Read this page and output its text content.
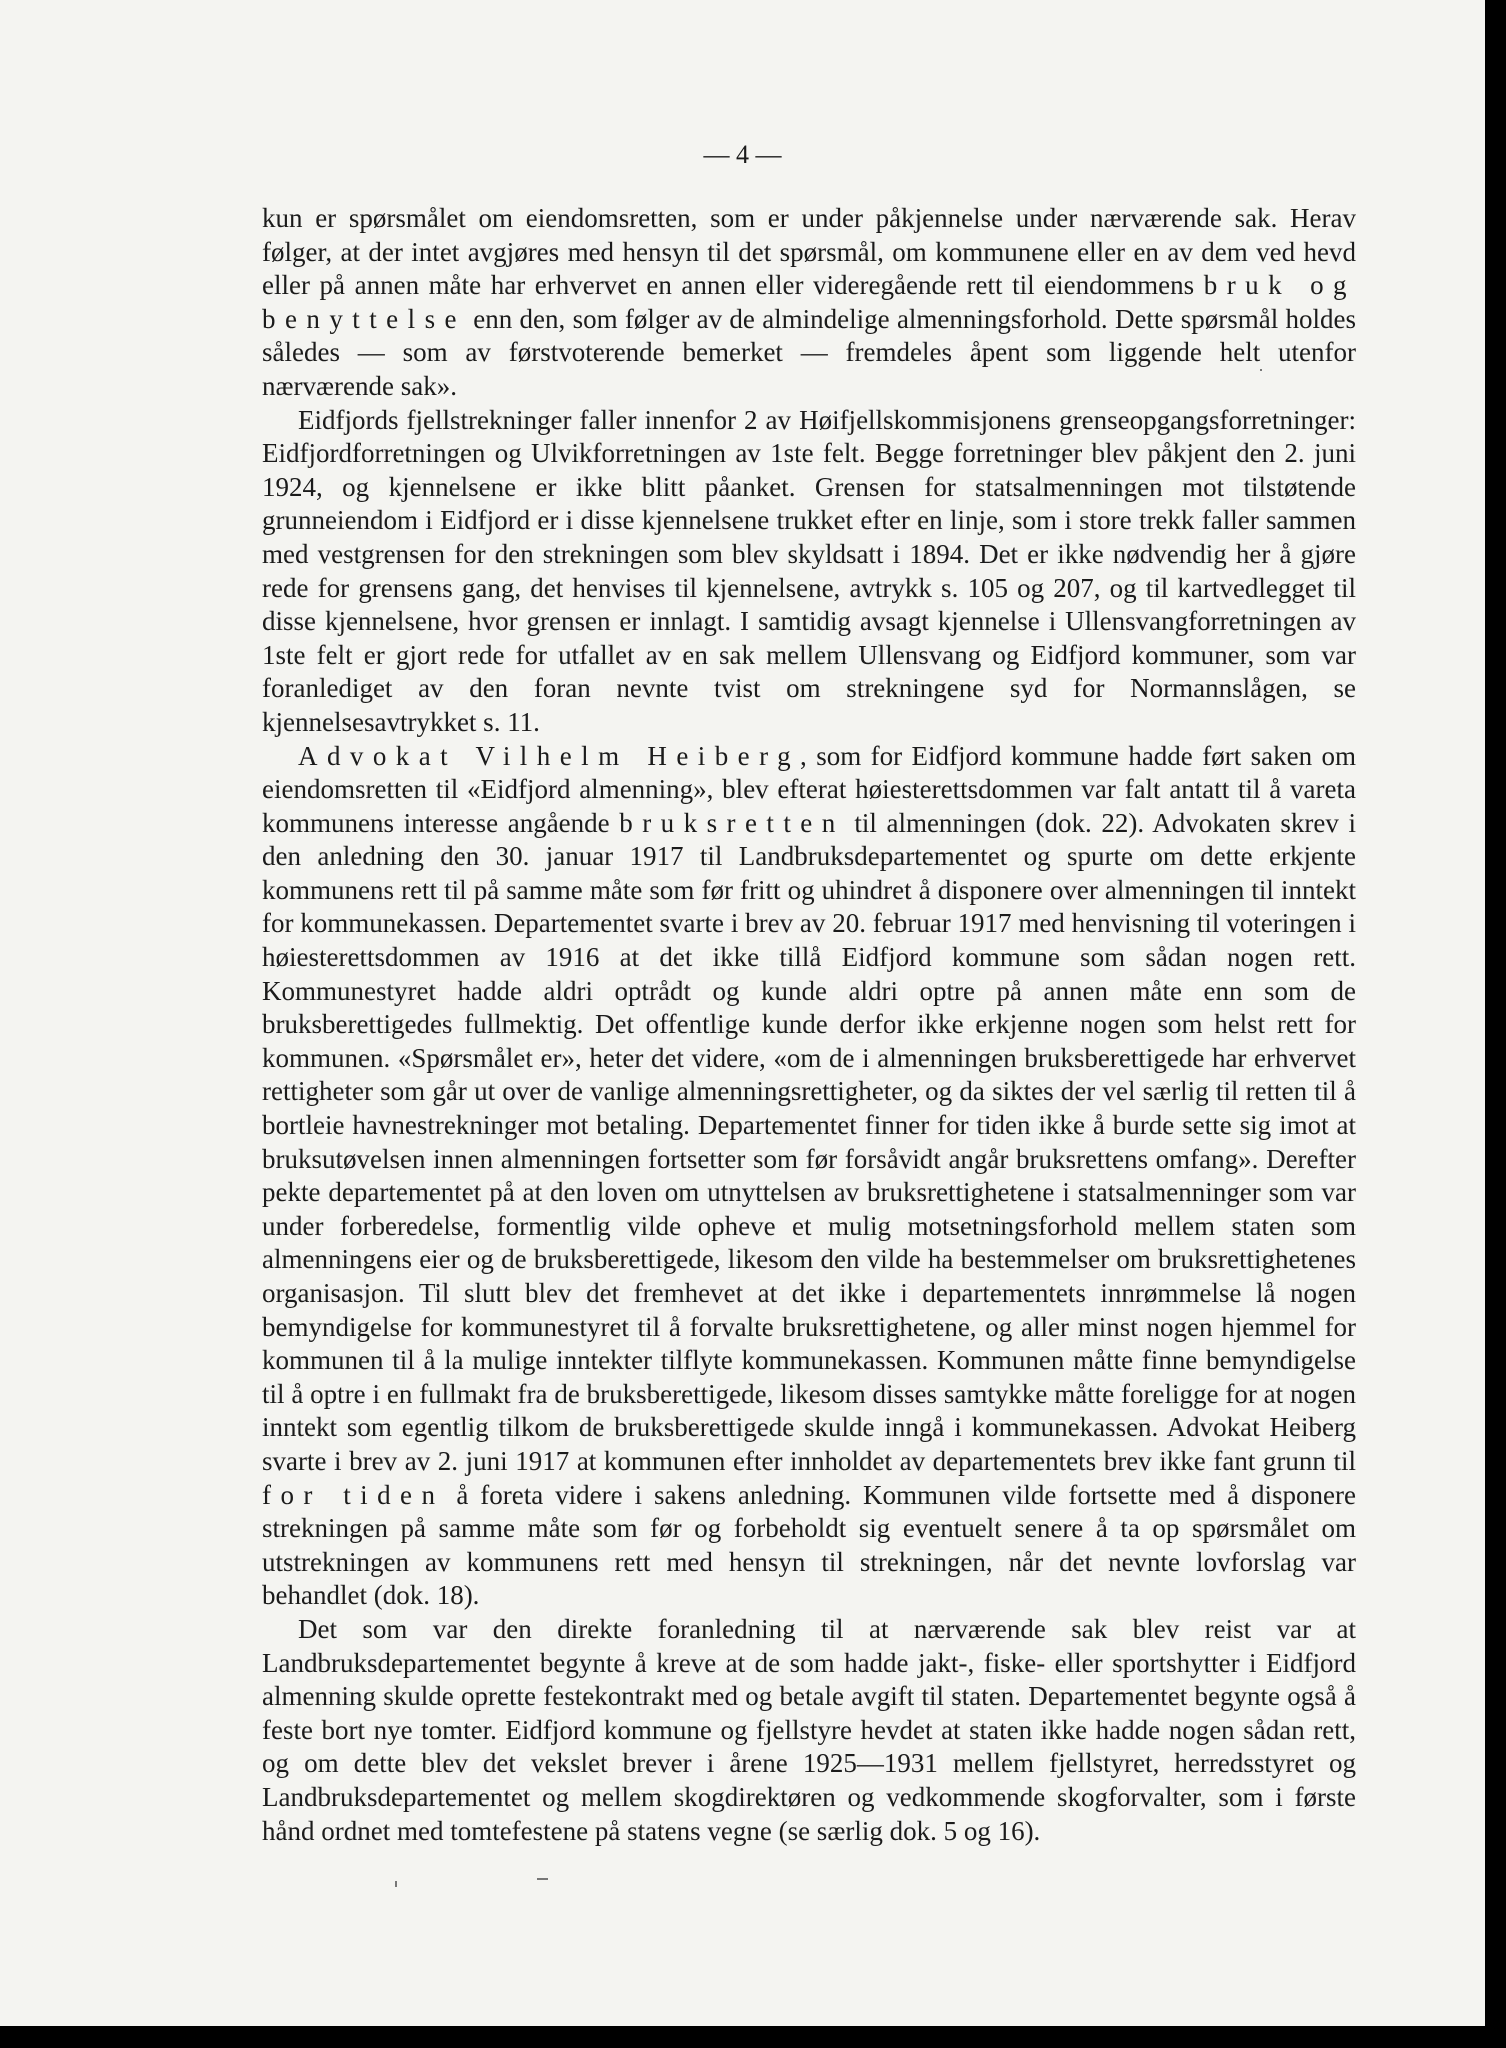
— 4 —

kun er spørsmålet om eiendomsretten, som er under påkjennelse under nærværende sak. Herav følger, at der intet avgjøres med hensyn til det spørsmål, om kommunene eller en av dem ved hevd eller på annen måte har erhvervet en annen eller videregående rett til eiendommens bruk og benyttelse enn den, som følger av de almindelige almenningsforhold. Dette spørsmål holdes således — som av førstvoterende bemerket — fremdeles åpent som liggende helt utenfor nærværende sak».

Eidfjords fjellstrekninger faller innenfor 2 av Høifjellskommisjonens grenseopgangsforretninger: Eidfjordforretningen og Ulvikforretningen av 1ste felt. Begge forretninger blev påkjent den 2. juni 1924, og kjennelsene er ikke blitt påanket. Grensen for statsalmenningen mot tilstøtende grunneiendom i Eidfjord er i disse kjennelsene trukket efter en linje, som i store trekk faller sammen med vestgrensen for den strekningen som blev skyldsatt i 1894. Det er ikke nødvendig her å gjøre rede for grensens gang, det henvises til kjennelsene, avtrykk s. 105 og 207, og til kartvedlegget til disse kjennelsene, hvor grensen er innlagt. I samtidig avsagt kjennelse i Ullensvangforretningen av 1ste felt er gjort rede for utfallet av en sak mellem Ullensvang og Eidfjord kommuner, som var foranlediget av den foran nevnte tvist om strekningene syd for Normannslågen, se kjennelsesavtrykket s. 11.

Advokat Vilhelm Heiberg, som for Eidfjord kommune hadde ført saken om eiendomsretten til «Eidfjord almenning», blev efterat høiesterettsdommen var falt antatt til å vareta kommunens interesse angående bruksretten til almenningen (dok. 22). Advokaten skrev i den anledning den 30. januar 1917 til Landbruksdepartementet og spurte om dette erkjente kommunens rett til på samme måte som før fritt og uhindret å disponere over almenningen til inntekt for kommunekassen. Departementet svarte i brev av 20. februar 1917 med henvisning til voteringen i høiesterettsdommen av 1916 at det ikke tillå Eidfjord kommune som sådan nogen rett. Kommunestyret hadde aldri optrådt og kunde aldri optre på annen måte enn som de bruksberettigedes fullmektig. Det offentlige kunde derfor ikke erkjenne nogen som helst rett for kommunen. «Spørsmålet er», heter det videre, «om de i almenningen bruksberettigede har erhvervet rettigheter som går ut over de vanlige almenningsrettigheter, og da siktes der vel særlig til retten til å bortleie havnestrekninger mot betaling. Departementet finner for tiden ikke å burde sette sig imot at bruksutøvelsen innen almenningen fortsetter som før forsåvidt angår bruksrettens omfang». Derefter pekte departementet på at den loven om utnyttelsen av bruksrettighetene i statsalmenninger som var under forberedelse, formentlig vilde opheve et mulig motsetningsforhold mellem staten som almenningens eier og de bruksberettigede, likesom den vilde ha bestemmelser om bruksrettighetenes organisasjon. Til slutt blev det fremhevet at det ikke i departementets innrømmelse lå nogen bemyndigelse for kommunestyret til å forvalte bruksrettighetene, og aller minst nogen hjemmel for kommunen til å la mulige inntekter tilflyte kommunekassen. Kommunen måtte finne bemyndigelse til å optre i en fullmakt fra de bruksberettigede, likesom disses samtykke måtte foreligge for at nogen inntekt som egentlig tilkom de bruksberettigede skulde inngå i kommunekassen. Advokat Heiberg svarte i brev av 2. juni 1917 at kommunen efter innholdet av departementets brev ikke fant grunn til for tiden å foreta videre i sakens anledning. Kommunen vilde fortsette med å disponere strekningen på samme måte som før og forbeholdt sig eventuelt senere å ta op spørsmålet om utstrekningen av kommunens rett med hensyn til strekningen, når det nevnte lovforslag var behandlet (dok. 18).

Det som var den direkte foranledning til at nærværende sak blev reist var at Landbruksdepartementet begynte å kreve at de som hadde jakt-, fiske- eller sportshytter i Eidfjord almenning skulde oprette festekontrakt med og betale avgift til staten. Departementet begynte også å feste bort nye tomter. Eidfjord kommune og fjellstyre hevdet at staten ikke hadde nogen sådan rett, og om dette blev det vekslet brever i årene 1925—1931 mellem fjellstyret, herredsstyret og Landbruksdepartementet og mellem skogdirektøren og vedkommende skogforvalter, som i første hånd ordnet med tomtefestene på statens vegne (se særlig dok. 5 og 16).
